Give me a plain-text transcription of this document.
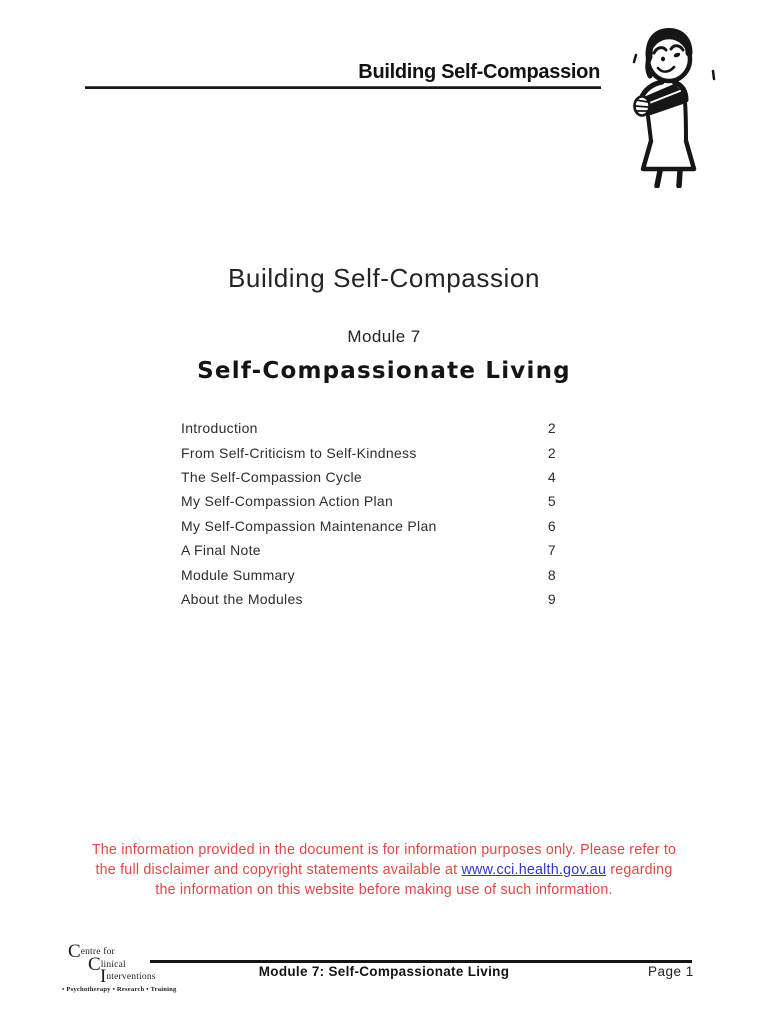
Building Self-Compassion
Building Self-Compassion
Module 7
Self-Compassionate Living
Introduction	2
From Self-Criticism to Self-Kindness	2
The Self-Compassion Cycle	4
My Self-Compassion Action Plan	5
My Self-Compassion Maintenance Plan	6
A Final Note	7
Module Summary	8
About the Modules	9
The information provided in the document is for information purposes only. Please refer to the full disclaimer and copyright statements available at www.cci.health.gov.au regarding the information on this website before making use of such information.
Centre for
Clinical
Interventions
• Psychotherapy • Research • Training
Module 7: Self-Compassionate Living	Page 1
